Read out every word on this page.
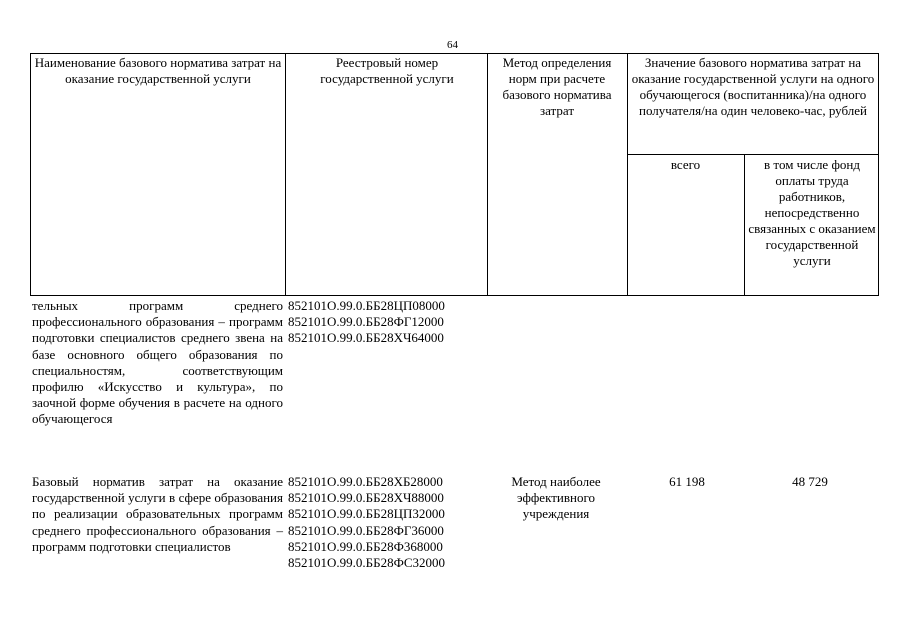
64
Наименование базового норматива затрат на оказание государственной услуги
Реестровый номер государственной услуги
Метод определения норм при расчете базового норматива затрат
Значение базового норматива затрат на оказание государственной услуги на одного обучающегося (воспитанника)/на одного получателя/на один человеко-час, рублей
всего	в том числе фонд оплаты труда работников, непосредственно связанных с оказанием государственной услуги
тельных программ среднего профессионального образования – программ подготовки специалистов среднего звена на базе основного общего образования по специальностям, соответствующим профилю «Искусство и культура», по заочной форме обучения в расчете на одного обучающегося
852101О.99.0.ББ28ЦП08000
852101О.99.0.ББ28ФГ12000
852101О.99.0.ББ28ХЧ64000
Базовый норматив затрат на оказание государственной услуги в сфере образования по реализации образовательных программ среднего профессионального образования – программ подготовки специалистов
852101О.99.0.ББ28ХБ28000
852101О.99.0.ББ28ХЧ88000
852101О.99.0.ББ28ЦП32000
852101О.99.0.ББ28ФГ36000
852101О.99.0.ББ28Ф368000
852101О.99.0.ББ28ФС32000
Метод наиболее эффективного учреждения
61 198	48 729
